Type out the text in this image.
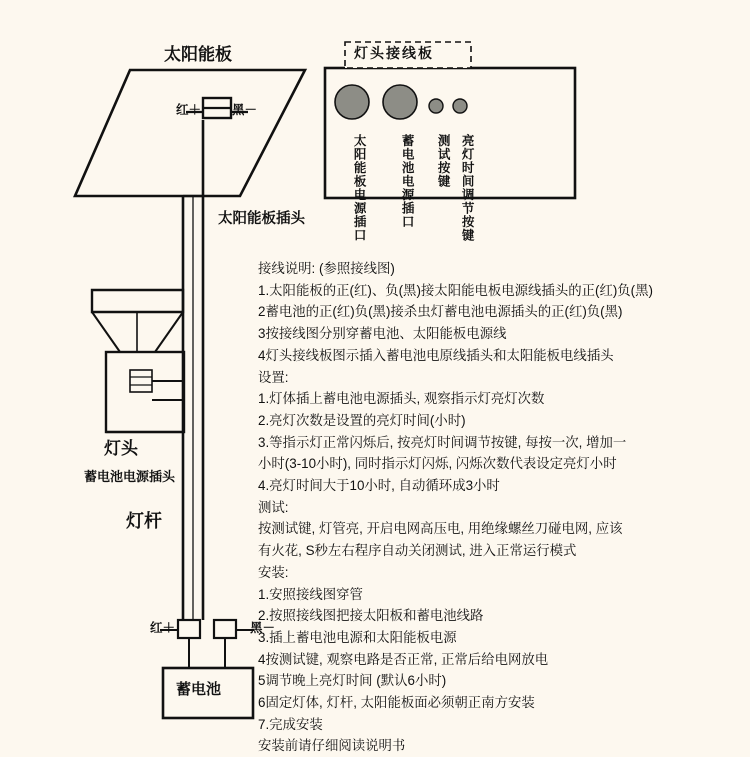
太阳能板
红＋ 黑－
太阳能板插头
灯头接线板
太阳能板电源插口	蓄电池电源插口 测试按键 亮灯时间调节按键
灯头
蓄电池电源插头
灯杆
红＋	黑－
蓄电池
接线说明: (参照接线图)
1.太阳能板的正(红)、负(黑)接太阳能电板电源线插头的正(红)负(黑)
2蓄电池的正(红)负(黑)接杀虫灯蓄电池电源插头的正(红)负(黑)
3按接线图分别穿蓄电池、太阳能板电源线
4灯头接线板图示插入蓄电池电原线插头和太阳能板电线插头
设置:
1.灯体插上蓄电池电源插头, 观察指示灯亮灯次数
2.亮灯次数是设置的亮灯时间(小时)
3.等指示灯正常闪烁后, 按亮灯时间调节按键, 每按一次, 增加一
小时(3-10小时), 同时指示灯闪烁, 闪烁次数代表设定亮灯小时
4.亮灯时间大于10小时, 自动循环成3小时
测试:
按测试键, 灯管亮, 开启电网高压电, 用绝缘螺丝刀碰电网, 应该
有火花, S秒左右程序自动关闭测试, 进入正常运行模式
安装:
1.安照接线图穿管
2.按照接线图把接太阳板和蓄电池线路
3.插上蓄电池电源和太阳能板电源
4按测试键, 观察电路是否正常, 正常后给电网放电
5调节晚上亮灯时间 (默认6小时)
6固定灯体, 灯杆, 太阳能板面必须朝正南方安装
7.完成安装
安装前请仔细阅读说明书
